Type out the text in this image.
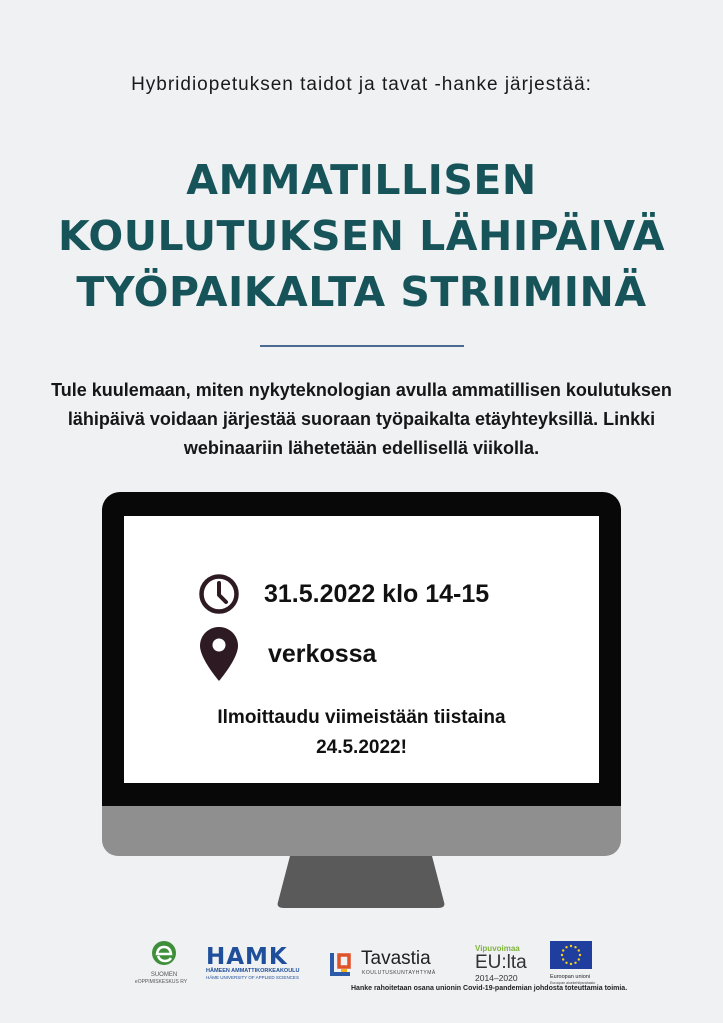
Hybridiopetuksen taidot ja tavat -hanke järjestää:
AMMATILLISEN
KOULUTUKSEN LÄHIPÄIVÄ
TYÖPAIKALTA STRIIMINÄ
Tule kuulemaan, miten nykyteknologian avulla ammatillisen koulutuksen lähipäivä voidaan järjestää suoraan työpaikalta etäyhteyksillä. Linkki webinaariin lähetetään edellisellä viikolla.
31.5.2022 klo 14-15
verkossa
Ilmoittaudu viimeistään tiistaina
24.5.2022!
SUOMEN
eOPPIMISKESKUS RY
HAMK
HÄMEEN AMMATTIKORKEAKOULU
HÄME UNIVERSITY OF APPLIED SCIENCES
Tavastia
KOULUTUSKUNTAYHTYMÄ
Vipuvoimaa
EU:lta
2014–2020	Euroopan unioni
Euroopan aluekehitysrahasto
Hanke rahoitetaan osana unionin Covid-19-pandemian johdosta toteuttamia toimia.
